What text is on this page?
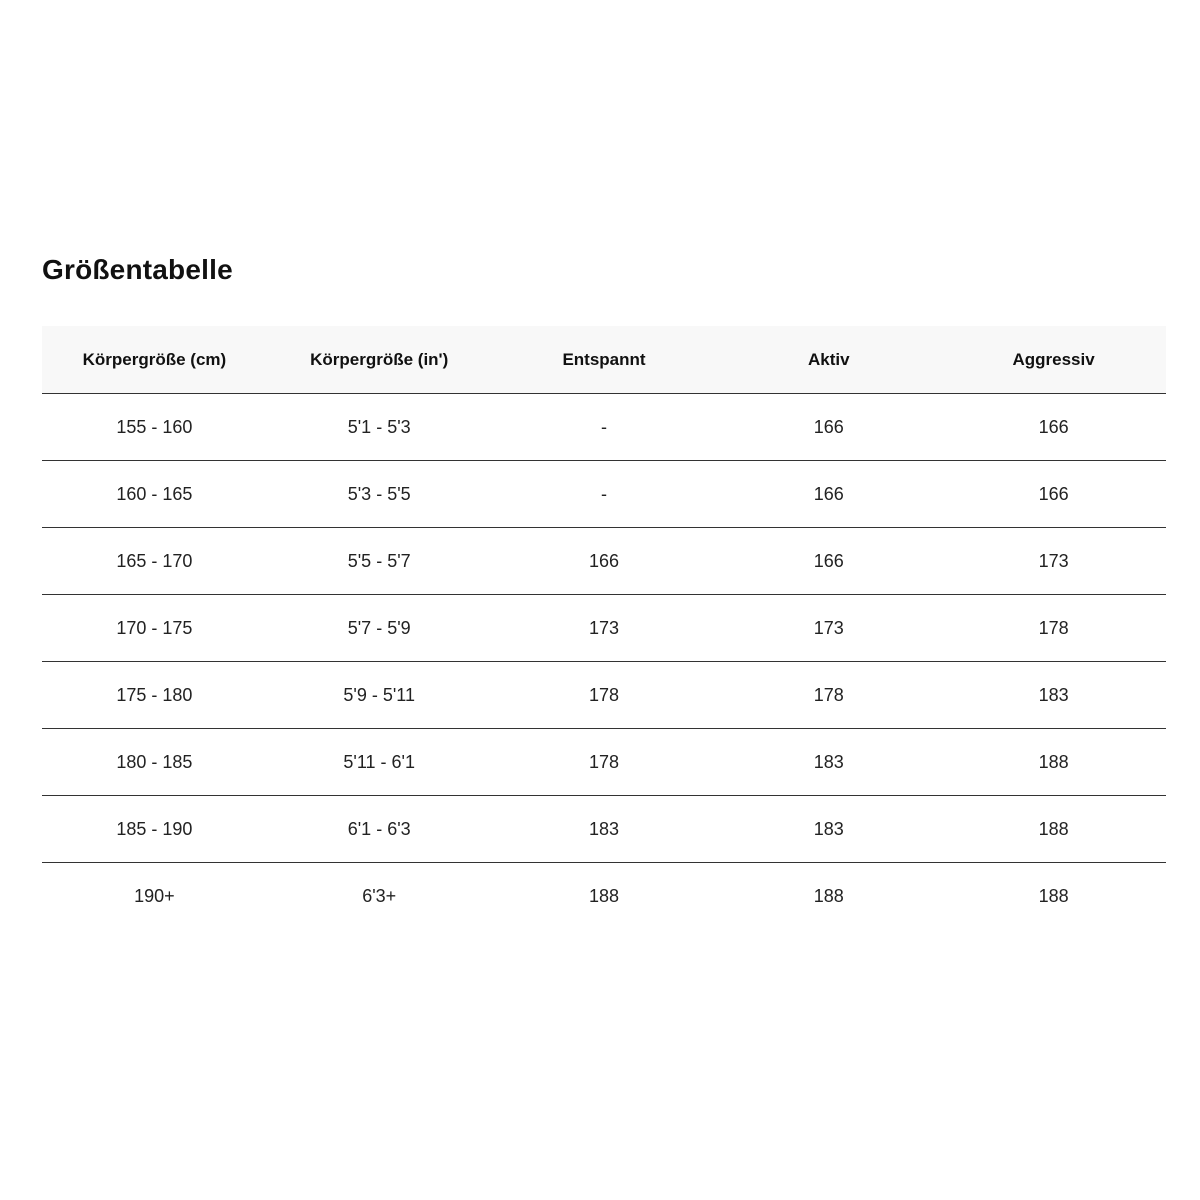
Größentabelle
Körpergröße (cm)	Körpergröße (in')	Entspannt	Aktiv	Aggressiv
155 - 160	5'1 - 5'3	-	166	166
160 - 165	5'3 - 5'5	-	166	166
165 - 170	5'5 - 5'7	166	166	173
170 - 175	5'7 - 5'9	173	173	178
175 - 180	5'9 - 5'11	178	178	183
180 - 185	5'11 - 6'1	178	183	188
185 - 190	6'1 - 6'3	183	183	188
190+	6'3+	188	188	188
